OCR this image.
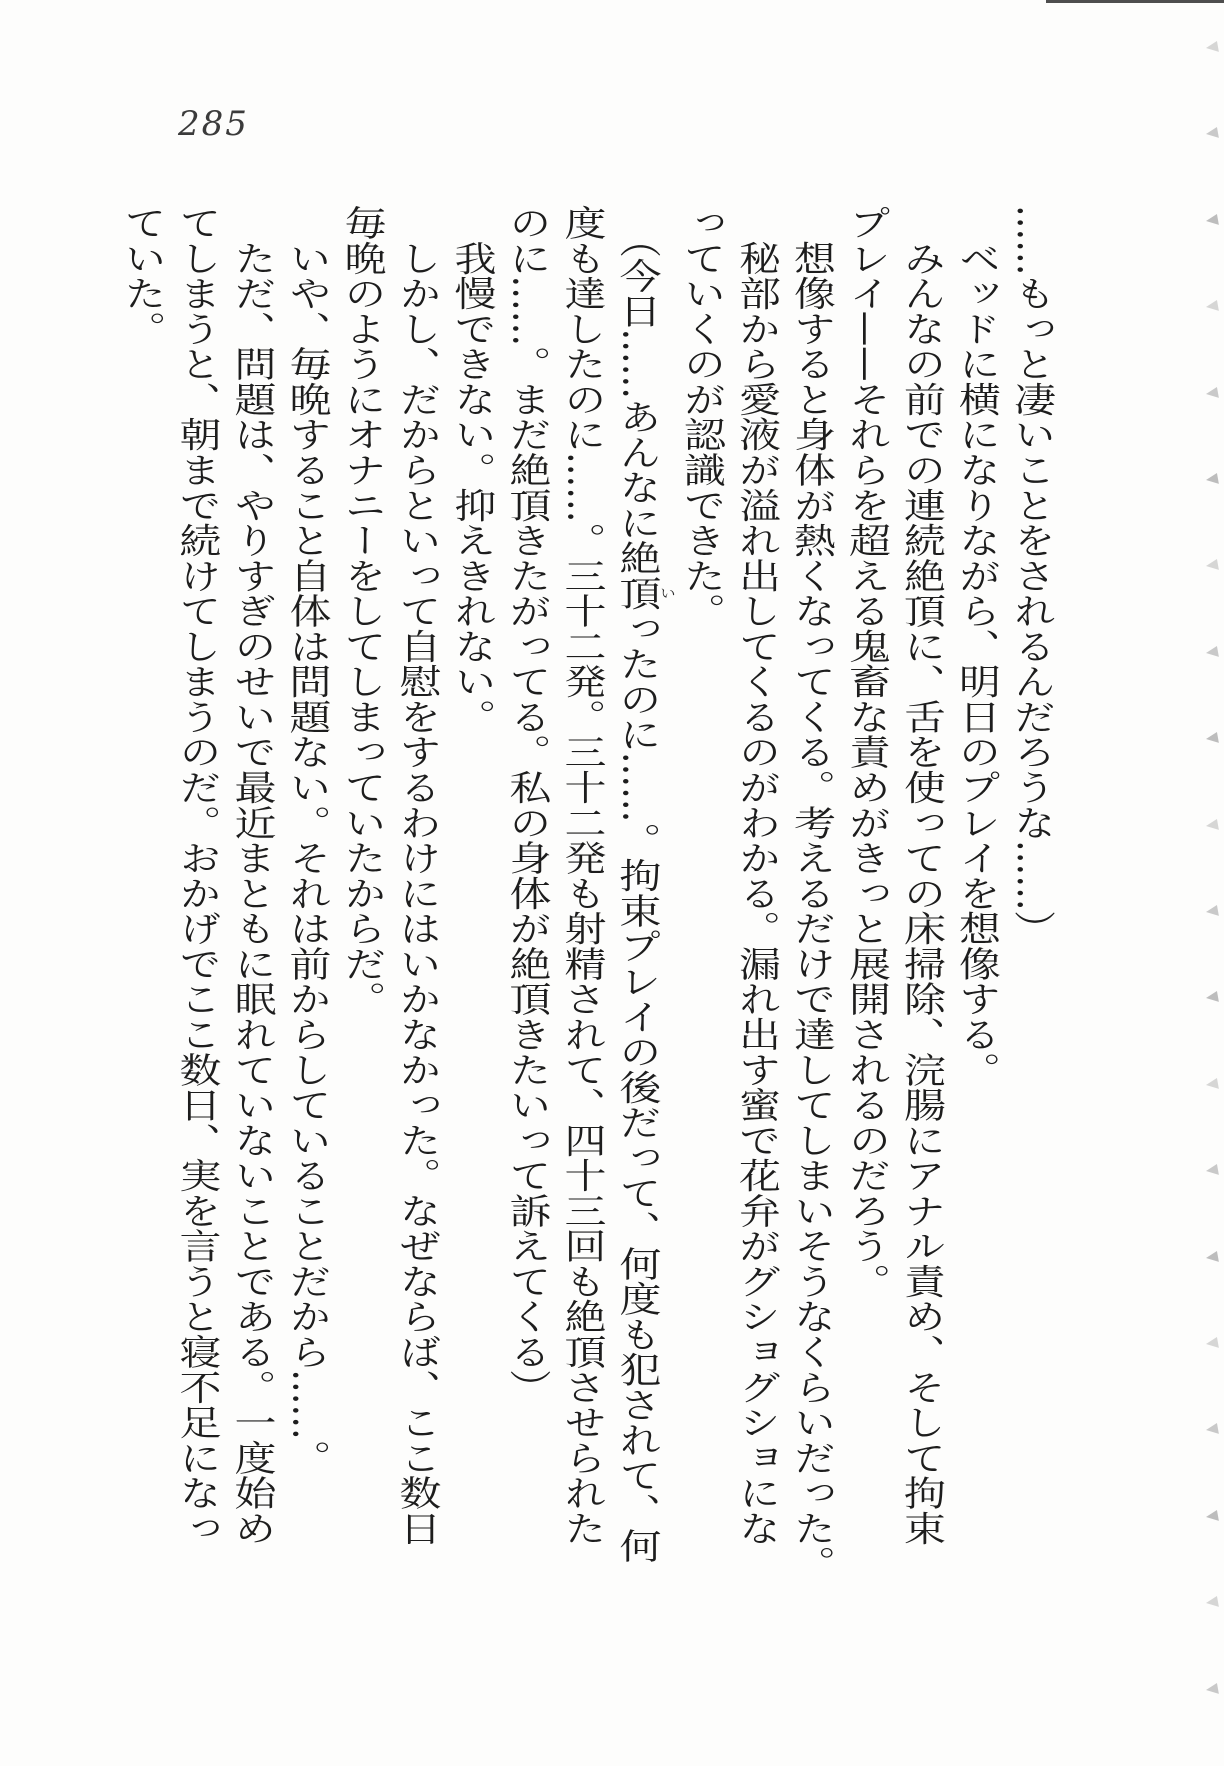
285
……もっと凄いことをされるんだろうな……）
ベッドに横になりながら、明日のプレイを想像する。
みんなの前での連続絶頂に、舌を使っての床掃除、浣腸にアナル責め、そして拘束
プレイ——それらを超える鬼畜な責めがきっと展開されるのだろう。
想像すると身体が熱くなってくる。考えるだけで達してしまいそうなくらいだった。
秘部から愛液が溢れ出してくるのがわかる。漏れ出す蜜で花弁がグショグショにな
っていくのが認識できた。
（今日……あんなに絶頂いったのに……。拘束プレイの後だって、何度も犯されて、何
度も達したのに……。三十二発。三十二発も射精されて、四十三回も絶頂させられた
のに……。まだ絶頂きたがってる。私の身体が絶頂きたいって訴えてくる）
我慢できない。抑えきれない。
しかし、だからといって自慰をするわけにはいかなかった。なぜならば、ここ数日
毎晩のようにオナニーをしてしまっていたからだ。
いや、毎晩すること自体は問題ない。それは前からしていることだから……。
ただ、問題は、やりすぎのせいで最近まともに眠れていないことである。一度始め
てしまうと、朝まで続けてしまうのだ。おかげでここ数日、実を言うと寝不足になっ
ていた。
